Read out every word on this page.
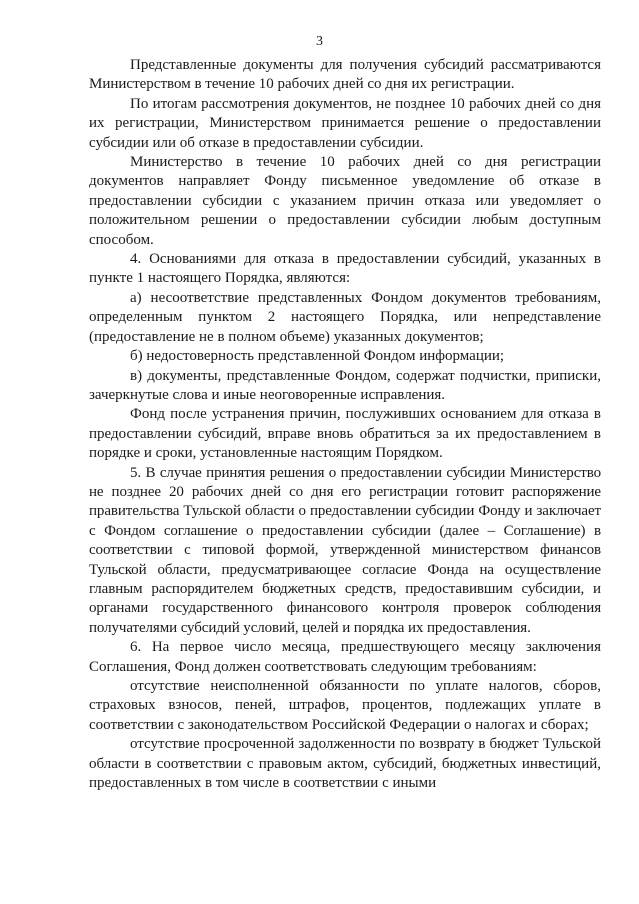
3

Представленные документы для получения субсидий рассматриваются Министерством в течение 10 рабочих дней со дня их регистрации.

По итогам рассмотрения документов, не позднее 10 рабочих дней со дня их регистрации, Министерством принимается решение о предоставлении субсидии или об отказе в предоставлении субсидии.

Министерство в течение 10 рабочих дней со дня регистрации документов направляет Фонду письменное уведомление об отказе в предоставлении субсидии с указанием причин отказа или уведомляет о положительном решении о предоставлении субсидии любым доступным способом.

4. Основаниями для отказа в предоставлении субсидий, указанных в пункте 1 настоящего Порядка, являются:

а) несоответствие представленных Фондом документов требованиям, определенным пунктом 2 настоящего Порядка, или непредставление (предоставление не в полном объеме) указанных документов;

б) недостоверность представленной Фондом информации;

в) документы, представленные Фондом, содержат подчистки, приписки, зачеркнутые слова и иные неоговоренные исправления.

Фонд после устранения причин, послуживших основанием для отказа в предоставлении субсидий, вправе вновь обратиться за их предоставлением в порядке и сроки, установленные настоящим Порядком.

5. В случае принятия решения о предоставлении субсидии Министерство не позднее 20 рабочих дней со дня его регистрации готовит распоряжение правительства Тульской области о предоставлении субсидии Фонду и заключает с Фондом соглашение о предоставлении субсидии (далее – Соглашение) в соответствии с типовой формой, утвержденной министерством финансов Тульской области, предусматривающее согласие Фонда на осуществление главным распорядителем бюджетных средств, предоставившим субсидии, и органами государственного финансового контроля проверок соблюдения получателями субсидий условий, целей и порядка их предоставления.

6. На первое число месяца, предшествующего месяцу заключения Соглашения, Фонд должен соответствовать следующим требованиям:

отсутствие неисполненной обязанности по уплате налогов, сборов, страховых взносов, пеней, штрафов, процентов, подлежащих уплате в соответствии с законодательством Российской Федерации о налогах и сборах;

отсутствие просроченной задолженности по возврату в бюджет Тульской области в соответствии с правовым актом, субсидий, бюджетных инвестиций, предоставленных в том числе в соответствии с иными
